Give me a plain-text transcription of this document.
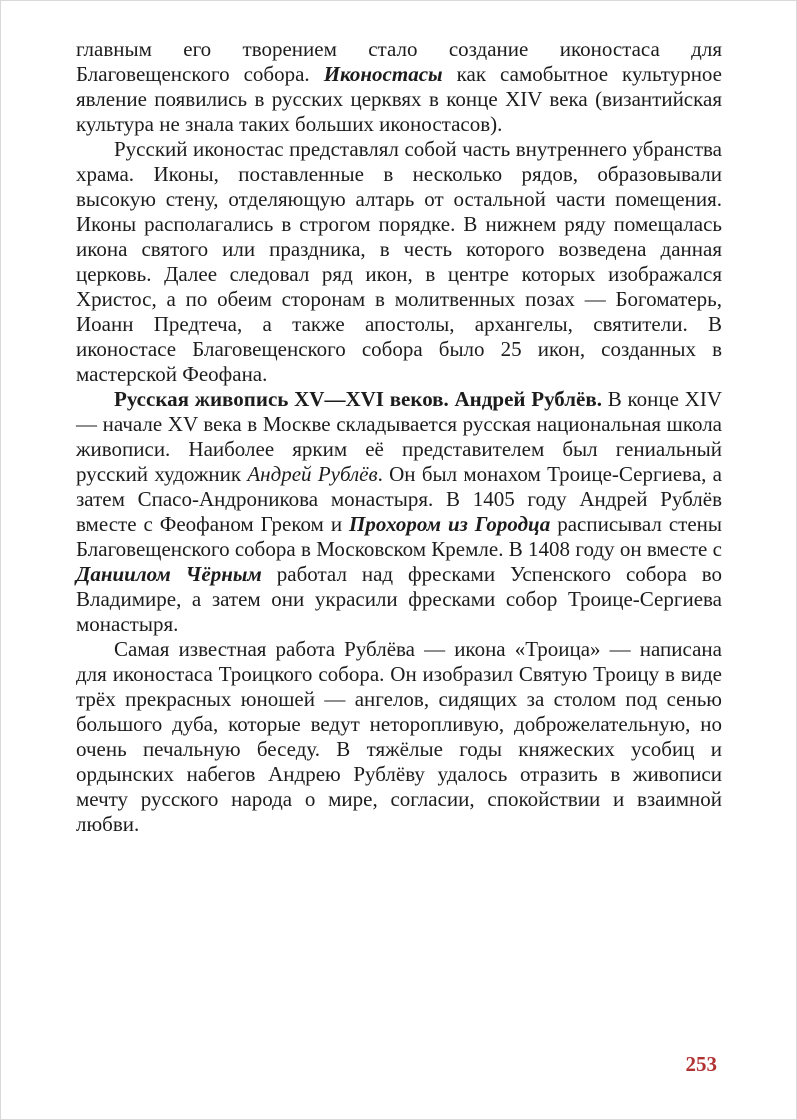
главным его творением стало создание иконостаса для Благовещенского собора. Иконостасы как самобытное культурное явление появились в русских церквях в конце XIV века (византийская культура не знала таких больших иконостасов).

Русский иконостас представлял собой часть внутреннего убранства храма. Иконы, поставленные в несколько рядов, образовывали высокую стену, отделяющую алтарь от остальной части помещения. Иконы располагались в строгом порядке. В нижнем ряду помещалась икона святого или праздника, в честь которого возведена данная церковь. Далее следовал ряд икон, в центре которых изображался Христос, а по обеим сторонам в молитвенных позах — Богоматерь, Иоанн Предтеча, а также апостолы, архангелы, святители. В иконостасе Благовещенского собора было 25 икон, созданных в мастерской Феофана.

Русская живопись XV—XVI веков. Андрей Рублёв. В конце XIV — начале XV века в Москве складывается русская национальная школа живописи. Наиболее ярким её представителем был гениальный русский художник Андрей Рублёв. Он был монахом Троице-Сергиева, а затем Спасо-Андроникова монастыря. В 1405 году Андрей Рублёв вместе с Феофаном Греком и Прохором из Городца расписывал стены Благовещенского собора в Московском Кремле. В 1408 году он вместе с Даниилом Чёрным работал над фресками Успенского собора во Владимире, а затем они украсили фресками собор Троице-Сергиева монастыря.

Самая известная работа Рублёва — икона «Троица» — написана для иконостаса Троицкого собора. Он изобразил Святую Троицу в виде трёх прекрасных юношей — ангелов, сидящих за столом под сенью большого дуба, которые ведут неторопливую, доброжелательную, но очень печальную беседу. В тяжёлые годы княжеских усобиц и ордынских набегов Андрею Рублёву удалось отразить в живописи мечту русского народа о мире, согласии, спокойствии и взаимной любви.

253
